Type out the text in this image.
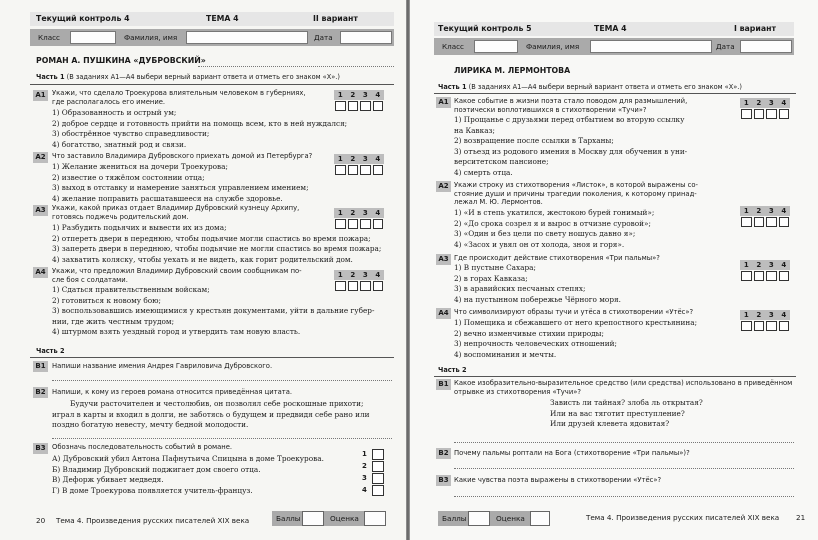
Текущий контроль 4	ТЕМА 4	II вариант
Класс	Фамилия, имя	Дата
РОМАН А. ПУШКИНА «ДУБРОВСКИЙ»
Часть 1 (В заданиях А1—А4 выбери верный вариант ответа и отметь его знаком «Х».)
А1 Укажи, что сделало Троекурова влиятельным человеком в губерниях,
где располагалось его имение.
1	2	3	4
1) Образованность и острый ум;
2) доброе сердце и готовность прийти на помощь всем, кто в ней нуждался;
3) обострённое чувство справедливости;
4) богатство, знатный род и связи.
А2 Что заставило Владимира Дубровского приехать домой из Петербурга?	1	2	3	4
1) Желание жениться на дочери Троекурова;
2) известие о тяжёлом состоянии отца;
3) выход в отставку и намерение заняться управлением имением;
4) желание поправить расшатавшееся на службе здоровье.
А3 Укажи, какой приказ отдает Владимир Дубровский кузнецу Архипу,
готовясь поджечь родительский дом.	1	2	3	4
1) Разбудить подьячих и вывести их из дома;
2) отперетъ двери в переднюю, чтобы подьячие могли спастись во время пожара;
3) запереть двери в переднюю, чтобы подьячие не могли спастись во время пожара;
4) захватить коляску, чтобы уехать и не видеть, как горит родительский дом.
А4 Укажи, что предложил Владимир Дубровский своим сообщникам по-
сле боя с солдатами.
1	2	3	4
1) Сдаться правительственным войскам;
2) готовиться к новому бою;
3) воспользовавшись имеющимися у крестьян документами, уйти в дальние губер-
нии, где жить честным трудом;
4) штурмом взять уездный город и утвердить там новую власть.
Часть 2
В1 Напиши название имения Андрея Гавриловича Дубровского.
В2 Напиши, к кому из героев романа относится приведённая цитата.
Будучи расточителен и честолюбив, он позволял себе роскошные прихоти;
играл в карты и входил в долги, не заботясь о будущем и предвидя себе рано или
поздно богатую невесту, мечту бедной молодости.
В3 Обозначь последовательность событий в романе.
А) Дубровский убил Антона Пафнутьича Спицына в доме Троекурова.
Б) Владимир Дубровский поджигает дом своего отца.
В) Дефорж убивает медведя.
Г) В доме Троекурова появляется учитель-француз.
1
2
3
4
20 Тема 4. Произведения русских писателей XIX века	Баллы	Оценка
Текущий контроль 5	ТЕМА 4	I вариант
Класс	Фамилия, имя	Дата
ЛИРИКА М. ЛЕРМОНТОВА
Часть 1 (В заданиях А1—А4 выбери верный вариант ответа и отметь его знаком «Х».)
А1 Какое событие в жизни поэта стало поводом для размышлений,
поэтически воплотившихся в стихотворении «Тучи»?
1	2	3	4
1) Прощанье с друзьями перед отбытием во вторую ссылку
на Кавказ;
2) возвращение после ссылки в Тарханы;
3) отъезд из родового имения в Москву для обучения в уни-
верситетском пансионе;
4) смерть отца.
А2 Укажи строку из стихотворения «Листок», в которой выражены со-
стояние души и причины трагедии поколения, к которому принад-
лежал М. Ю. Лермонтов.
1	2	3	4
1) «И в степь укатился, жестокою бурей гонимый»;
2) «До срока созрел я и вырос в отчизне суровой»;
3) «Один и без цели по свету ношусь давно я»;
4) «Засох и увял он от холода, зноя и горя».
А3 Где происходит действие стихотворения «Три пальмы»?
1	2	3	4
1) В пустыне Сахара;
2) в горах Кавказа;
3) в аравийских песчаных степях;
4) на пустынном побережье Чёрного моря.
А4 Что символизируют образы тучи и утёса в стихотворении «Утёс»?	1	2	3	4
1) Помещика и сбежавшего от него крепостного крестьянина;
2) вечно изменчивые стихии природы;
3) непрочность человеческих отношений;
4) воспоминания и мечты.
Часть 2
В1 Какое изобразительно-выразительное средство (или средства) использовано в приведённом
отрывке из стихотворения «Тучи»?
Зависть ли тайная? злоба ль открытая?
Или на вас тяготит преступление?
Или друзей клевета ядовитая?
В2 Почему пальмы роптали на Бога (стихотворение «Три пальмы»)?
В3 Какие чувства поэта выражены в стихотворении «Утёс»?
Баллы	Оценка	Тема 4. Произведения русских писателей XIX века 21
